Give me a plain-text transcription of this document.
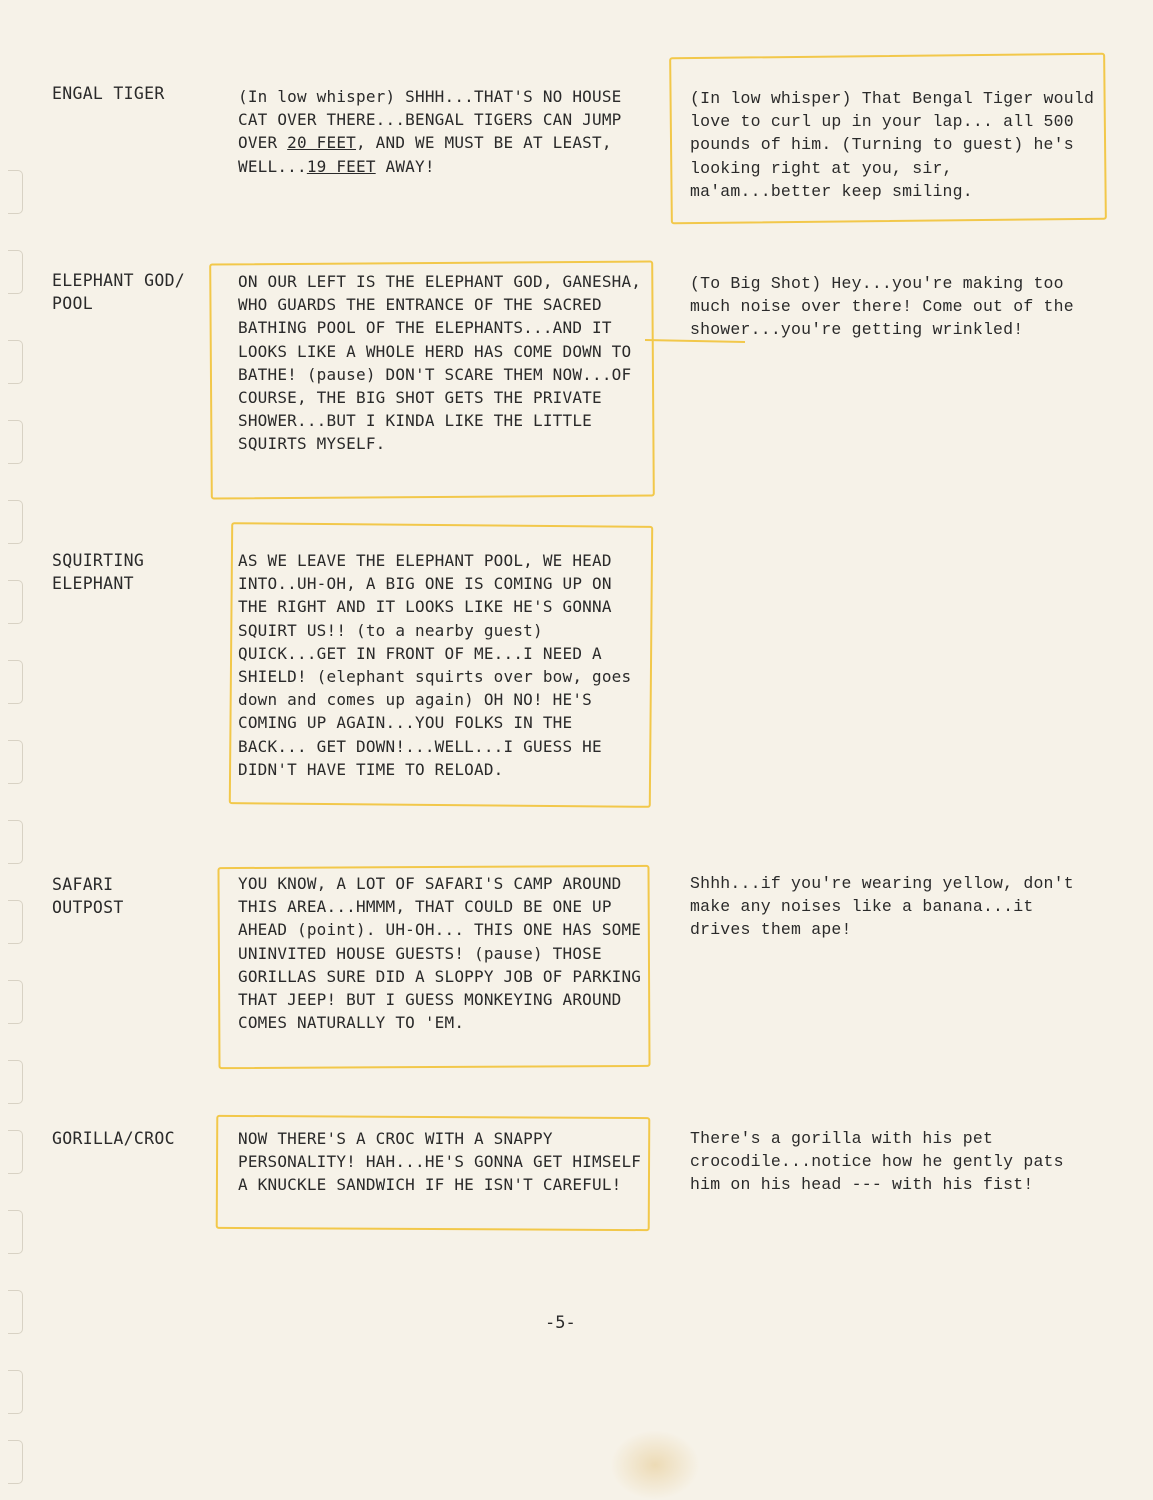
ENGAL TIGER	(In low whisper) SHHH...THAT'S NO HOUSE CAT OVER THERE...BENGAL TIGERS CAN JUMP OVER 20 FEET, AND WE MUST BE AT LEAST, WELL...19 FEET AWAY!
(In low whisper) That Bengal Tiger would love to curl up in your lap... all 500 pounds of him. (Turning to guest) he's looking right at you, sir, ma'am...better keep smiling.
ELEPHANT GOD/
POOL
ON OUR LEFT IS THE ELEPHANT GOD, GANESHA, WHO GUARDS THE ENTRANCE OF THE SACRED BATHING POOL OF THE ELEPHANTS...AND IT LOOKS LIKE A WHOLE HERD HAS COME DOWN TO BATHE! (pause) DON'T SCARE THEM NOW...OF COURSE, THE BIG SHOT GETS THE PRIVATE SHOWER...BUT I KINDA LIKE THE LITTLE SQUIRTS MYSELF.
(To Big Shot) Hey...you're making too much noise over there! Come out of the shower...you're getting wrinkled!
SQUIRTING
ELEPHANT
AS WE LEAVE THE ELEPHANT POOL, WE HEAD INTO..UH-OH, A BIG ONE IS COMING UP ON THE RIGHT AND IT LOOKS LIKE HE'S GONNA SQUIRT US!! (to a nearby guest) QUICK...GET IN FRONT OF ME...I NEED A SHIELD! (elephant squirts over bow, goes down and comes up again) OH NO! HE'S COMING UP AGAIN...YOU FOLKS IN THE BACK... GET DOWN!...WELL...I GUESS HE DIDN'T HAVE TIME TO RELOAD.
SAFARI
OUTPOST
YOU KNOW, A LOT OF SAFARI'S CAMP AROUND THIS AREA...HMMM, THAT COULD BE ONE UP AHEAD (point). UH-OH... THIS ONE HAS SOME UNINVITED HOUSE GUESTS! (pause) THOSE GORILLAS SURE DID A SLOPPY JOB OF PARKING THAT JEEP! BUT I GUESS MONKEYING AROUND COMES NATURALLY TO 'EM.
Shhh...if you're wearing yellow, don't make any noises like a banana...it drives them ape!
GORILLA/CROC	NOW THERE'S A CROC WITH A SNAPPY PERSONALITY! HAH...HE'S GONNA GET HIMSELF A KNUCKLE SANDWICH IF HE ISN'T CAREFUL!
There's a gorilla with his pet crocodile...notice how he gently pats him on his head --- with his fist!
-5-
